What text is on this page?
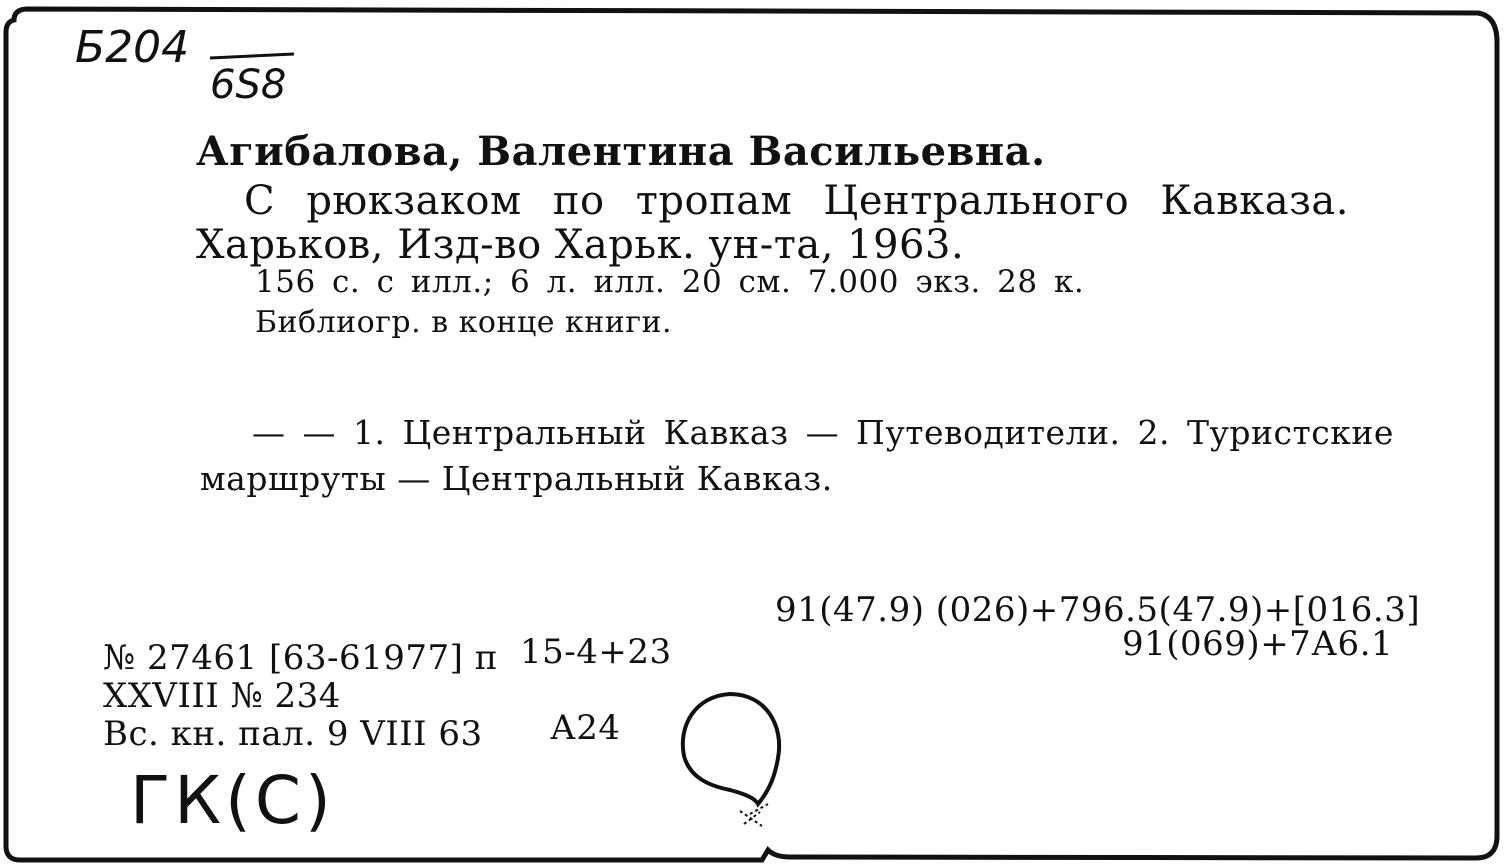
Б204
6S8
Агибалова, Валентина Васильевна.
С рюкзаком по тропам Центрального Кавказа.
Харьков, Изд-во Харьк. ун-та, 1963.
156 с. с илл.; 6 л. илл. 20 см. 7.000 экз. 28 к.
Библиогр. в конце книги.
— — 1. Центральный Кавказ — Путеводители. 2. Туристские
маршруты — Центральный Кавказ.
91(47.9) (026)+796.5(47.9)+[016.3]
91(069)+7А6.1
№ 27461 [63-61977] п 15-4+23
XXVIII № 234
Вс. кн. пал. 9 VIII 63 А24
ГК(С)
